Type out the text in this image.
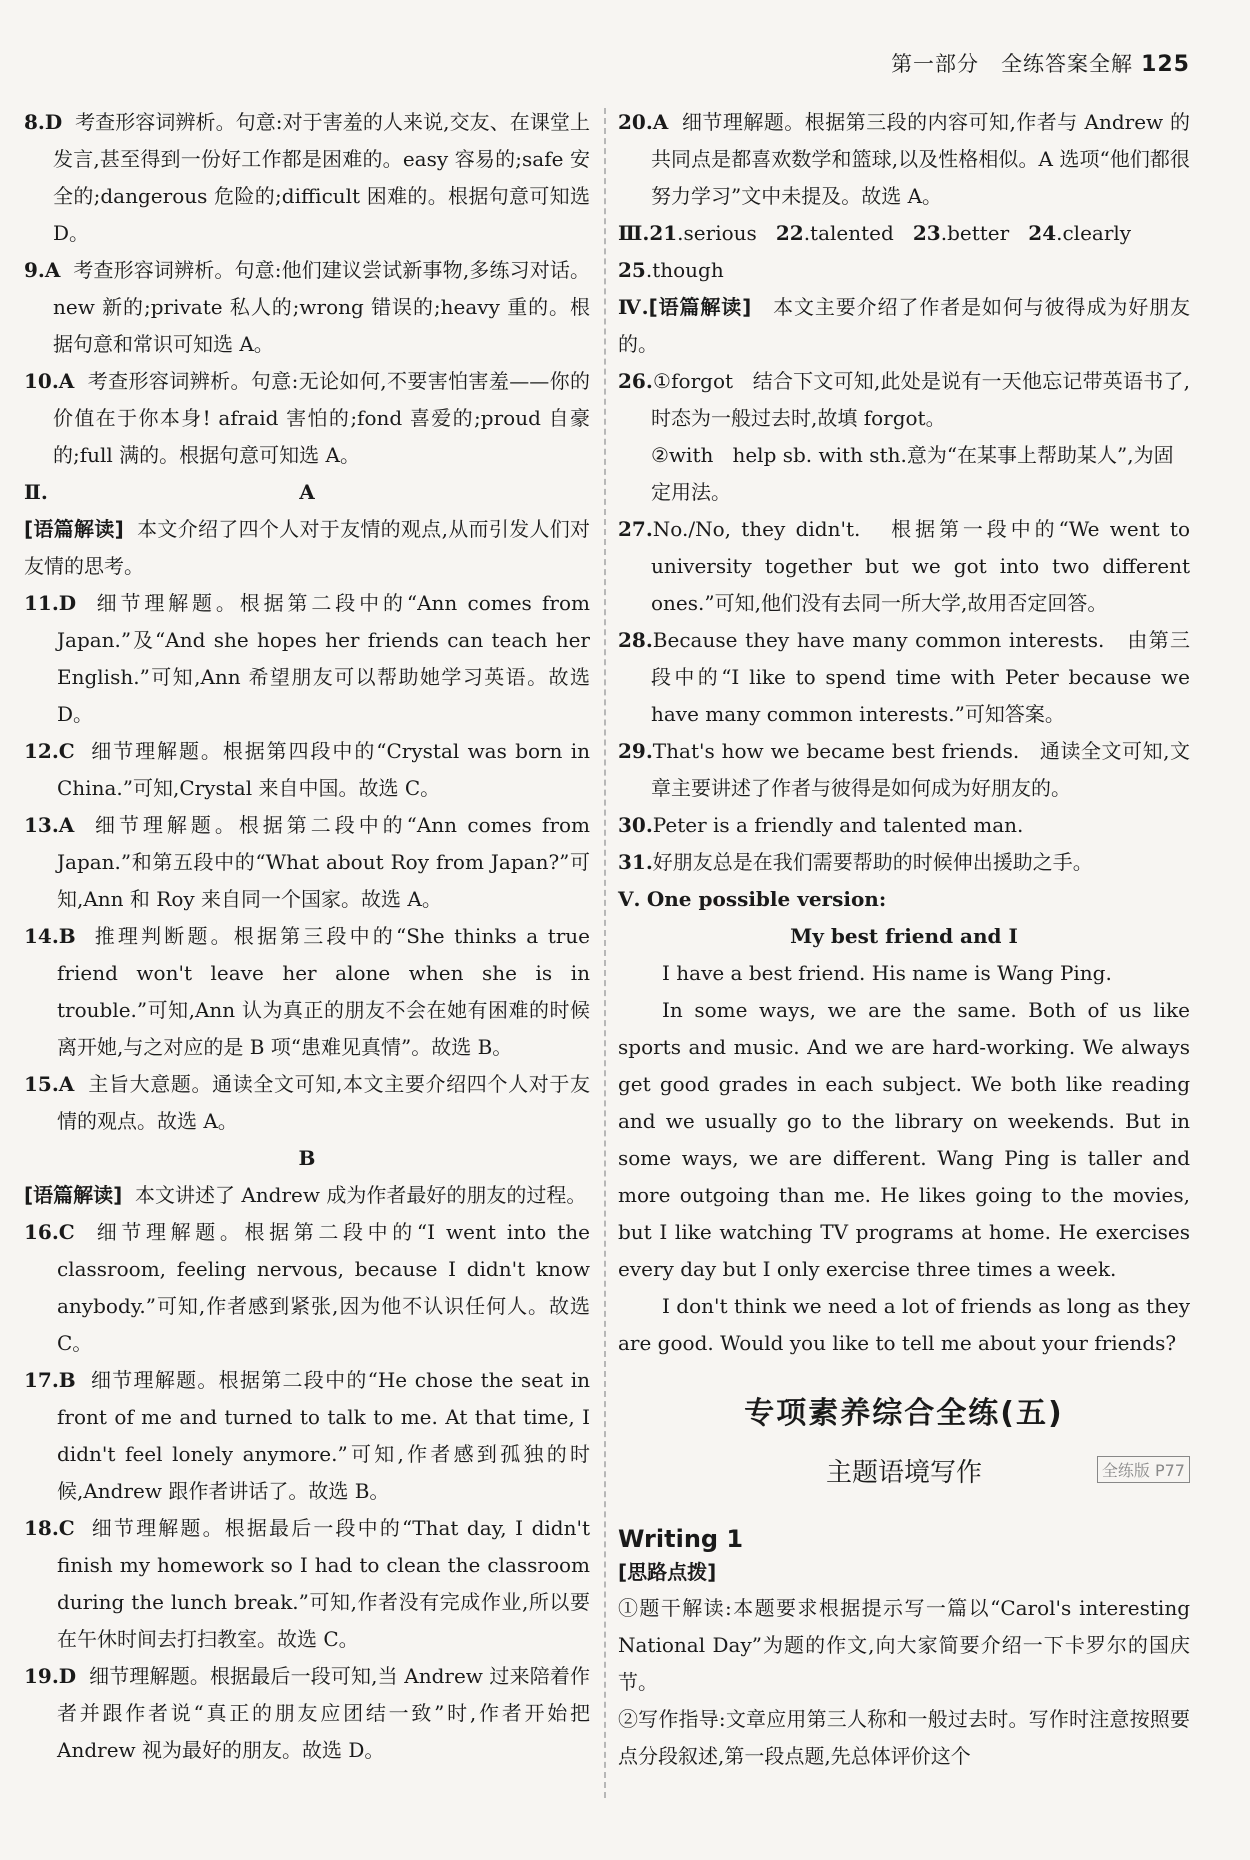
第一部分　全练答案全解 125

8.D 考查形容词辨析。句意:对于害羞的人来说,交友、在课堂上发言,甚至得到一份好工作都是困难的。easy 容易的;safe 安全的;dangerous 危险的;difficult 困难的。根据句意可知选 D。

9.A 考查形容词辨析。句意:他们建议尝试新事物,多练习对话。new 新的;private 私人的;wrong 错误的;heavy 重的。根据句意和常识可知选 A。

10.A 考查形容词辨析。句意:无论如何,不要害怕害羞——你的价值在于你本身! afraid 害怕的;fond 喜爱的;proud 自豪的;full 满的。根据句意可知选 A。

Ⅱ.	A

[语篇解读] 本文介绍了四个人对于友情的观点,从而引发人们对友情的思考。

11.D 细节理解题。根据第二段中的“Ann comes from Japan.”及“And she hopes her friends can teach her English.”可知,Ann 希望朋友可以帮助她学习英语。故选 D。

12.C 细节理解题。根据第四段中的“Crystal was born in China.”可知,Crystal 来自中国。故选 C。

13.A 细节理解题。根据第二段中的“Ann comes from Japan.”和第五段中的“What about Roy from Japan?”可知,Ann 和 Roy 来自同一个国家。故选 A。

14.B 推理判断题。根据第三段中的“She thinks a true friend won't leave her alone when she is in trouble.”可知,Ann 认为真正的朋友不会在她有困难的时候离开她,与之对应的是 B 项“患难见真情”。故选 B。

15.A 主旨大意题。通读全文可知,本文主要介绍四个人对于友情的观点。故选 A。

B

[语篇解读] 本文讲述了 Andrew 成为作者最好的朋友的过程。

16.C 细节理解题。根据第二段中的“I went into the classroom, feeling nervous, because I didn't know anybody.”可知,作者感到紧张,因为他不认识任何人。故选 C。

17.B 细节理解题。根据第二段中的“He chose the seat in front of me and turned to talk to me. At that time, I didn't feel lonely anymore.”可知,作者感到孤独的时候,Andrew 跟作者讲话了。故选 B。

18.C 细节理解题。根据最后一段中的“That day, I didn't finish my homework so I had to clean the classroom during the lunch break.”可知,作者没有完成作业,所以要在午休时间去打扫教室。故选 C。

19.D 细节理解题。根据最后一段可知,当 Andrew 过来陪着作者并跟作者说“真正的朋友应团结一致”时,作者开始把 Andrew 视为最好的朋友。故选 D。

20.A 细节理解题。根据第三段的内容可知,作者与 Andrew 的共同点是都喜欢数学和篮球,以及性格相似。A 选项“他们都很努力学习”文中未提及。故选 A。

Ⅲ.21.serious 22.talented 23.better 24.clearly

25.though

Ⅳ.[语篇解读] 本文主要介绍了作者是如何与彼得成为好朋友的。

26.①forgot 结合下文可知,此处是说有一天他忘记带英语书了,时态为一般过去时,故填 forgot。

②with help sb. with sth.意为“在某事上帮助某人”,为固定用法。

27.No./No, they didn't. 根据第一段中的“We went to university together but we got into two different ones.”可知,他们没有去同一所大学,故用否定回答。

28.Because they have many common interests. 由第三段中的“I like to spend time with Peter because we have many common interests.”可知答案。

29.That's how we became best friends. 通读全文可知,文章主要讲述了作者与彼得是如何成为好朋友的。

30.Peter is a friendly and talented man.

31.好朋友总是在我们需要帮助的时候伸出援助之手。

Ⅴ. One possible version:

My best friend and I

I have a best friend. His name is Wang Ping.

In some ways, we are the same. Both of us like sports and music. And we are hard-working. We always get good grades in each subject. We both like reading and we usually go to the library on weekends. But in some ways, we are different. Wang Ping is taller and more outgoing than me. He likes going to the movies, but I like watching TV programs at home. He exercises every day but I only exercise three times a week.

I don't think we need a lot of friends as long as they are good. Would you like to tell me about your friends?

专项素养综合全练(五)
主题语境写作	全练版 P77
Writing 1

[思路点拨]

①题干解读:本题要求根据提示写一篇以“Carol's interesting National Day”为题的作文,向大家简要介绍一下卡罗尔的国庆节。

②写作指导:文章应用第三人称和一般过去时。写作时注意按照要点分段叙述,第一段点题,先总体评价这个
